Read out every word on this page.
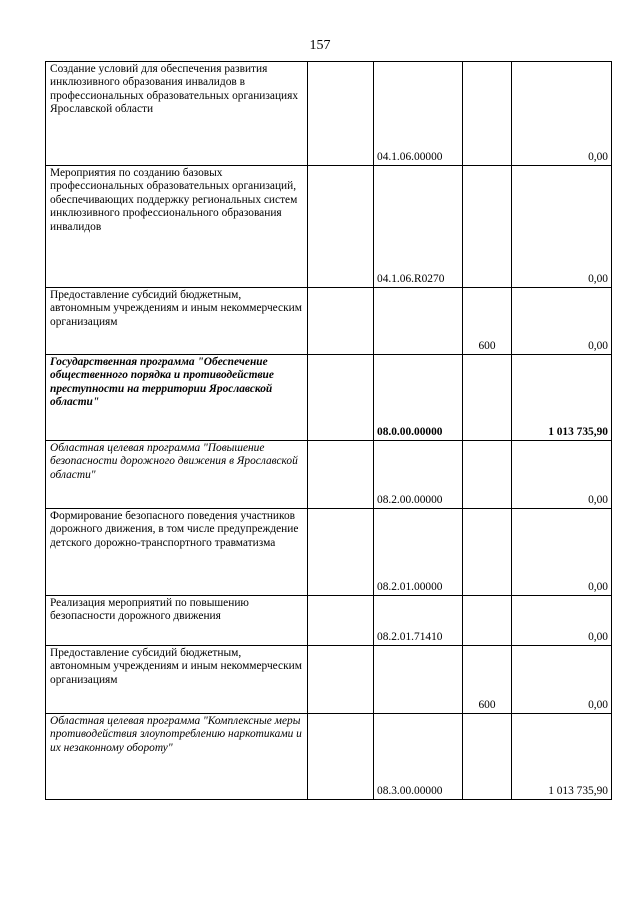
157
Создание условий для обеспечения развития инклюзивного образования инвалидов в профессиональных образовательных организациях Ярославской области		04.1.06.00000		0,00
Мероприятия по созданию базовых профессиональных образовательных организаций, обеспечивающих поддержку региональных систем инклюзивного профессионального образования инвалидов		04.1.06.R0270		0,00
Предоставление субсидий бюджетным, автономным учреждениям и иным некоммерческим организациям			600	0,00
Государственная программа "Обеспечение общественного порядка и противодействие преступности на территории Ярославской области"		08.0.00.00000		1 013 735,90
Областная целевая программа "Повышение безопасности дорожного движения в Ярославской области"		08.2.00.00000		0,00
Формирование безопасного поведения участников дорожного движения, в том числе предупреждение детского дорожно-транспортного травматизма		08.2.01.00000		0,00
Реализация мероприятий по повышению безопасности дорожного движения		08.2.01.71410		0,00
Предоставление субсидий бюджетным, автономным учреждениям и иным некоммерческим организациям			600	0,00
Областная целевая программа "Комплексные меры противодействия злоупотреблению наркотиками и их незаконному обороту"		08.3.00.00000		1 013 735,90
